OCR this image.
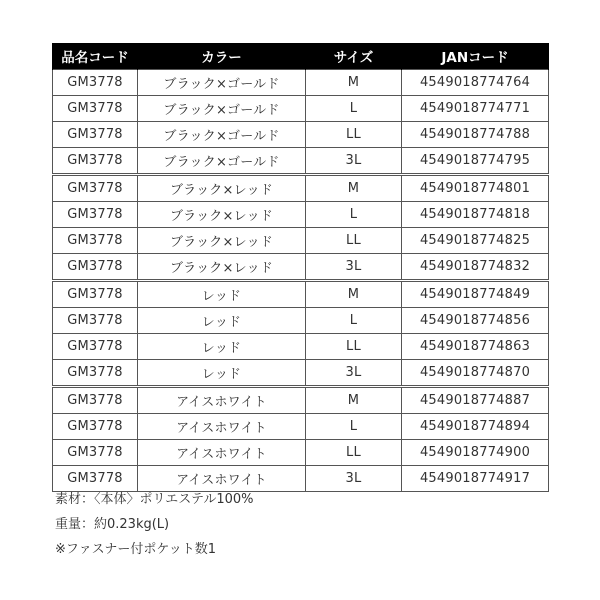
品名コード	カラー	サイズ	JANコード
GM3778	ブラック×ゴールド	M	4549018774764
GM3778	ブラック×ゴールド	L	4549018774771
GM3778	ブラック×ゴールド	LL	4549018774788
GM3778	ブラック×ゴールド	3L	4549018774795
GM3778	ブラック×レッド	M	4549018774801
GM3778	ブラック×レッド	L	4549018774818
GM3778	ブラック×レッド	LL	4549018774825
GM3778	ブラック×レッド	3L	4549018774832
GM3778	レッド	M	4549018774849
GM3778	レッド	L	4549018774856
GM3778	レッド	LL	4549018774863
GM3778	レッド	3L	4549018774870
GM3778	アイスホワイト	M	4549018774887
GM3778	アイスホワイト	L	4549018774894
GM3778	アイスホワイト	LL	4549018774900
GM3778	アイスホワイト	3L	4549018774917
素材：〈本体〉ポリエステル100%
重量：約0.23kg(L)
※ファスナー付ポケット数1
